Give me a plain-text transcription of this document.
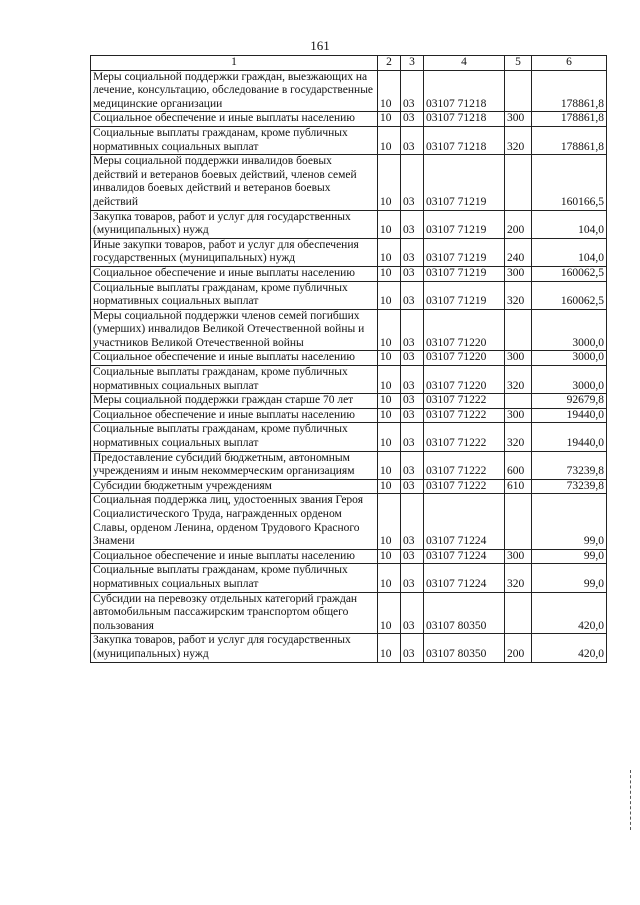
161
1	2	3	4	5	6
Меры социальной поддержки граждан, выезжающих на лечение, консультацию, обследование в государственные медицинские организации	10	03	03107 71218		178861,8
Социальное обеспечение и иные выплаты населению	10	03	03107 71218	300	178861,8
Социальные выплаты гражданам, кроме публичных нормативных социальных выплат	10	03	03107 71218	320	178861,8
Меры социальной поддержки инвалидов боевых действий и ветеранов боевых действий, членов семей инвалидов боевых действий и ветеранов боевых действий	10	03	03107 71219		160166,5
Закупка товаров, работ и услуг для государственных (муниципальных) нужд	10	03	03107 71219	200	104,0
Иные закупки товаров, работ и услуг для обеспечения государственных (муниципальных) нужд	10	03	03107 71219	240	104,0
Социальное обеспечение и иные выплаты населению	10	03	03107 71219	300	160062,5
Социальные выплаты гражданам, кроме публичных нормативных социальных выплат	10	03	03107 71219	320	160062,5
Меры социальной поддержки членов семей погибших (умерших) инвалидов Великой Отечественной войны и участников Великой Отечественной войны	10	03	03107 71220		3000,0
Социальное обеспечение и иные выплаты населению	10	03	03107 71220	300	3000,0
Социальные выплаты гражданам, кроме публичных нормативных социальных выплат	10	03	03107 71220	320	3000,0
Меры социальной поддержки граждан старше 70 лет	10	03	03107 71222		92679,8
Социальное обеспечение и иные выплаты населению	10	03	03107 71222	300	19440,0
Социальные выплаты гражданам, кроме публичных нормативных социальных выплат	10	03	03107 71222	320	19440,0
Предоставление субсидий бюджетным, автономным учреждениям и иным некоммерческим организациям	10	03	03107 71222	600	73239,8
Субсидии бюджетным учреждениям	10	03	03107 71222	610	73239,8
Социальная поддержка лиц, удостоенных звания Героя Социалистического Труда, награжденных орденом Славы, орденом Ленина, орденом Трудового Красного Знамени	10	03	03107 71224		99,0
Социальное обеспечение и иные выплаты населению	10	03	03107 71224	300	99,0
Социальные выплаты гражданам, кроме публичных нормативных социальных выплат	10	03	03107 71224	320	99,0
Субсидии на перевозку отдельных категорий граждан автомобильным пассажирским транспортом общего пользования	10	03	03107 80350		420,0
Закупка товаров, работ и услуг для государственных (муниципальных) нужд	10	03	03107 80350	200	420,0
